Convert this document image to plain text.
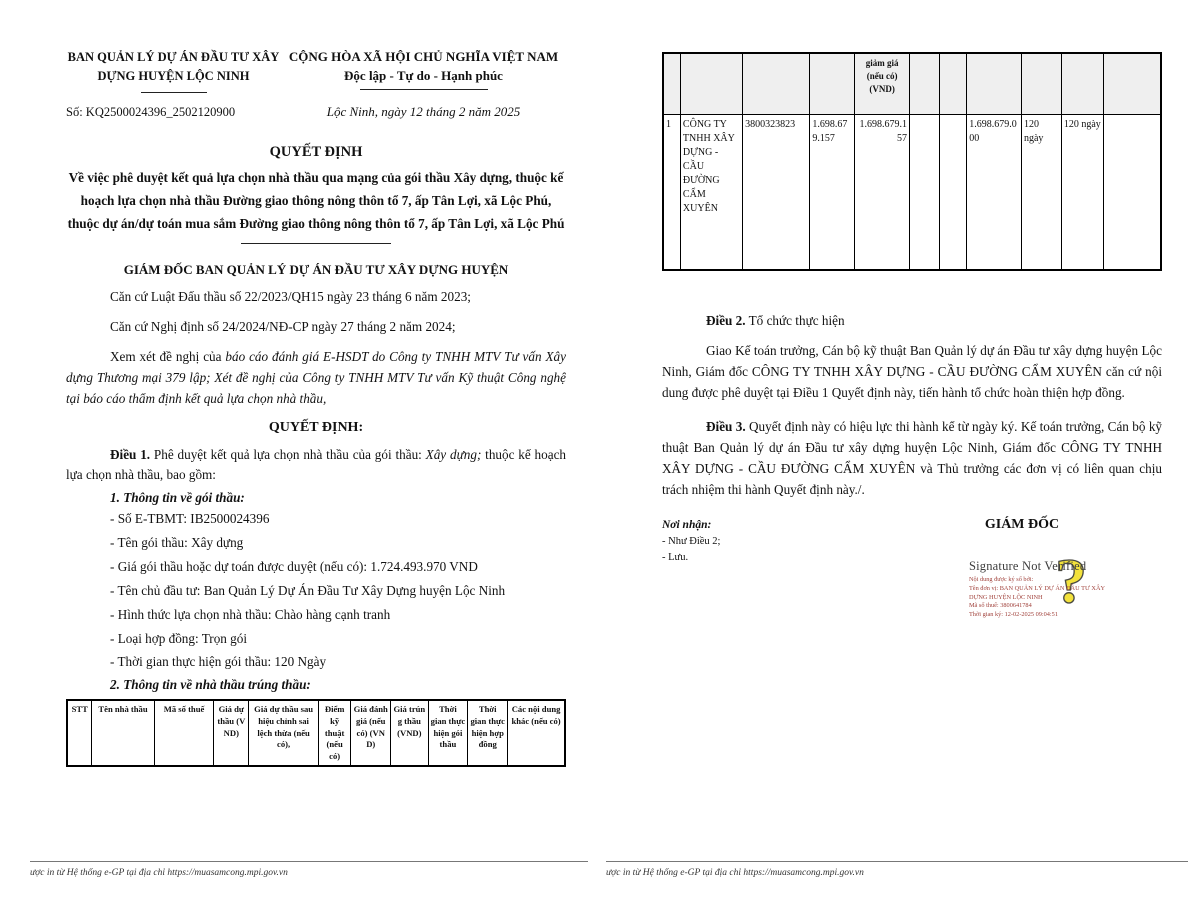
BAN QUẢN LÝ DỰ ÁN ĐẦU TƯ XÂY DỰNG HUYỆN LỘC NINH
Số: KQ2500024396_2502120900
CỘNG HÒA XÃ HỘI CHỦ NGHĨA VIỆT NAM
Độc lập - Tự do - Hạnh phúc
Lộc Ninh, ngày 12 tháng 2 năm 2025
QUYẾT ĐỊNH
Về việc phê duyệt kết quả lựa chọn nhà thầu qua mạng của gói thầu Xây dựng, thuộc kế hoạch lựa chọn nhà thầu Đường giao thông nông thôn tổ 7, ấp Tân Lợi, xã Lộc Phú, thuộc dự án/dự toán mua sắm Đường giao thông nông thôn tổ 7, ấp Tân Lợi, xã Lộc Phú
GIÁM ĐỐC BAN QUẢN LÝ DỰ ÁN ĐẦU TƯ XÂY DỰNG HUYỆN

Căn cứ Luật Đấu thầu số 22/2023/QH15 ngày 23 tháng 6 năm 2023;

Căn cứ Nghị định số 24/2024/NĐ-CP ngày 27 tháng 2 năm 2024;

Xem xét đề nghị của báo cáo đánh giá E-HSDT do Công ty TNHH MTV Tư vấn Xây dựng Thương mại 379 lập; Xét đề nghị của Công ty TNHH MTV Tư vấn Kỹ thuật Công nghệ tại báo cáo thẩm định kết quả lựa chọn nhà thầu,

QUYẾT ĐỊNH:

Điều 1. Phê duyệt kết quả lựa chọn nhà thầu của gói thầu: Xây dựng; thuộc kế hoạch lựa chọn nhà thầu, bao gồm:

1. Thông tin về gói thầu:

- Số E-TBMT: IB2500024396

- Tên gói thầu: Xây dựng

- Giá gói thầu hoặc dự toán được duyệt (nếu có): 1.724.493.970 VND

- Tên chủ đầu tư: Ban Quản Lý Dự Án Đầu Tư Xây Dựng huyện Lộc Ninh

- Hình thức lựa chọn nhà thầu: Chào hàng cạnh tranh

- Loại hợp đồng: Trọn gói

- Thời gian thực hiện gói thầu: 120 Ngày

2. Thông tin về nhà thầu trúng thầu:

STT	Tên nhà thầu	Mã số thuế	Giá dự thầu (VND)	Giá dự thầu sau hiệu chỉnh sai lệch thừa (nếu có),	Điểm kỹ thuật (nếu có)	Giá đánh giá (nếu có) (VND)	Giá trúng thầu (VND)	Thời gian thực hiện gói thầu	Thời gian thực hiện hợp đồng	Các nội dung khác (nếu có)
ược in từ Hệ thống e-GP tại địa chỉ https://muasamcong.mpi.gov.vn
				giảm giá (nếu có) (VND)						
1	CÔNG TY TNHH XÂY DỰNG - CẦU ĐƯỜNG CẨM XUYÊN	3800323823	1.698.679.157	1.698.679.157			1.698.679.000	120 ngày	120 ngày	

Điều 2. Tổ chức thực hiện

Giao Kế toán trưởng, Cán bộ kỹ thuật Ban Quản lý dự án Đầu tư xây dựng huyện Lộc Ninh, Giám đốc CÔNG TY TNHH XÂY DỰNG - CẦU ĐƯỜNG CẨM XUYÊN căn cứ nội dung được phê duyệt tại Điều 1 Quyết định này, tiến hành tổ chức hoàn thiện hợp đồng.

Điều 3. Quyết định này có hiệu lực thi hành kể từ ngày ký. Kế toán trưởng, Cán bộ kỹ thuật Ban Quản lý dự án Đầu tư xây dựng huyện Lộc Ninh, Giám đốc CÔNG TY TNHH XÂY DỰNG - CẦU ĐƯỜNG CẨM XUYÊN và Thủ trưởng các đơn vị có liên quan chịu trách nhiệm thi hành Quyết định này./.

Nơi nhận:
- Như Điều 2;
- Lưu.
GIÁM ĐỐC
?
Signature Not Verified
Nội dung được ký số bởi:
Tên đơn vị: BAN QUẢN LÝ DỰ ÁN ĐẦU TƯ XÂY
DỰNG HUYỆN LỘC NINH
Mã số thuế: 3800641784
Thời gian ký: 12-02-2025 09:04:51
ược in từ Hệ thống e-GP tại địa chỉ https://muasamcong.mpi.gov.vn
